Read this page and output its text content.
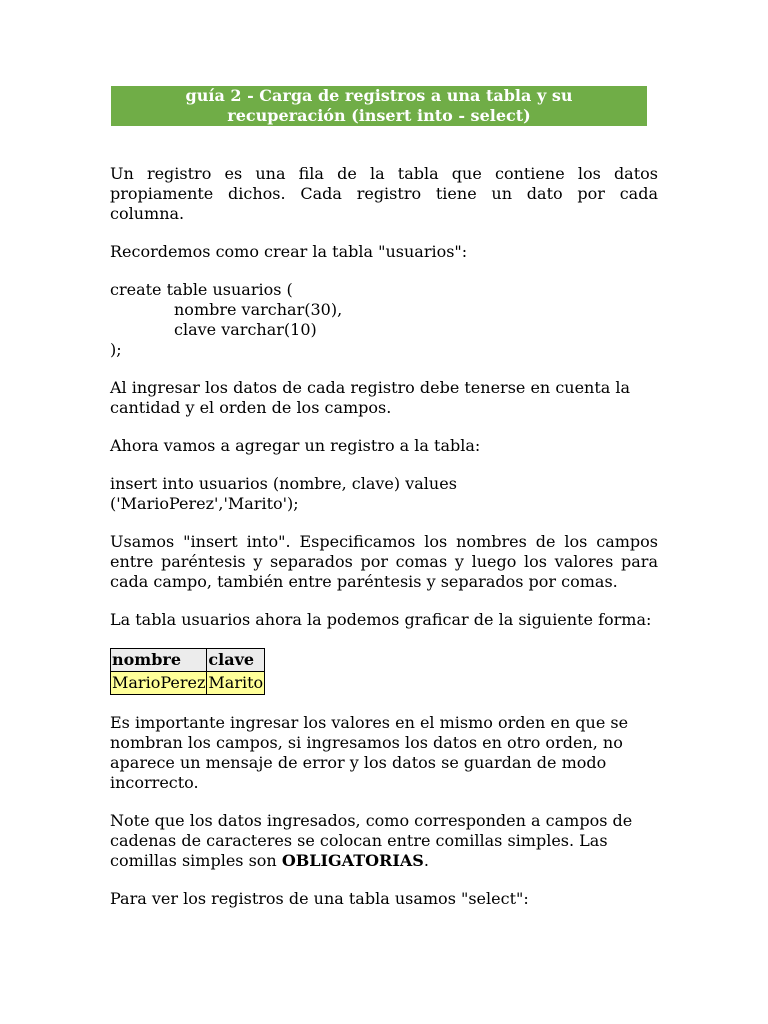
guía 2 - Carga de registros a una tabla y su
recuperación (insert into - select)

Un registro es una fila de la tabla que contiene los datos propiamente dichos. Cada registro tiene un dato por cada columna.

Recordemos como crear la tabla "usuarios":

create table usuarios (

nombre varchar(30),

clave varchar(10)

);

Al ingresar los datos de cada registro debe tenerse en cuenta la cantidad y el orden de los campos.

Ahora vamos a agregar un registro a la tabla:

insert into usuarios (nombre, clave) values

('MarioPerez','Marito');

Usamos "insert into". Especificamos los nombres de los campos entre paréntesis y separados por comas y luego los valores para cada campo, también entre paréntesis y separados por comas.

La tabla usuarios ahora la podemos graficar de la siguiente forma:

nombre	clave
MarioPerez	Marito

Es importante ingresar los valores en el mismo orden en que se nombran los campos, si ingresamos los datos en otro orden, no aparece un mensaje de error y los datos se guardan de modo incorrecto.

Note que los datos ingresados, como corresponden a campos de cadenas de caracteres se colocan entre comillas simples. Las comillas simples son OBLIGATORIAS.

Para ver los registros de una tabla usamos "select":
